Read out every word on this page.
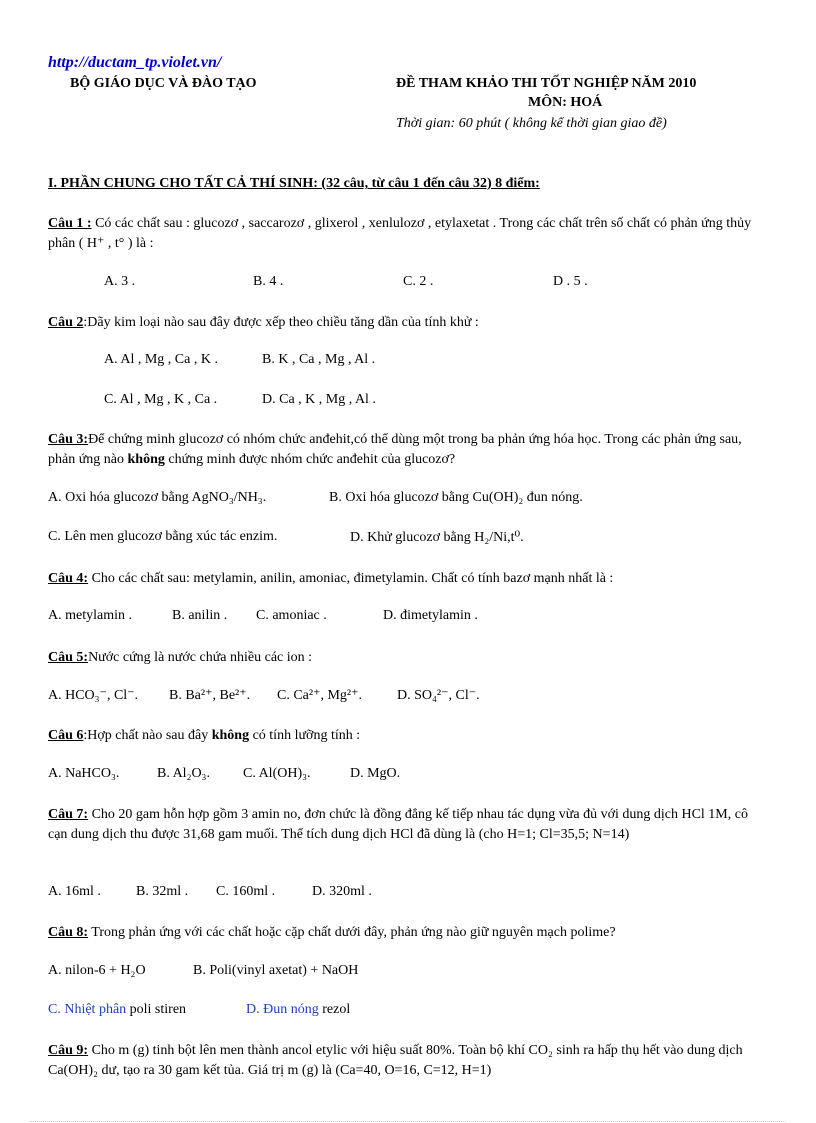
http://ductam_tp.violet.vn/
BỘ GIÁO DỤC VÀ ĐÀO TẠO	ĐỀ THAM KHẢO THI TỐT NGHIỆP NĂM 2010
MÔN: HOÁ
Thời gian: 60 phút ( không kể thời gian giao đề)
I. PHẦN CHUNG CHO TẤT CẢ THÍ SINH: (32 câu, từ câu 1 đến câu 32) 8 điểm:
Câu 1 : Có các chất sau : glucozơ , saccarozơ , glixerol , xenlulozơ , etylaxetat . Trong các chất trên số chất có phản ứng thủy phân ( H⁺ , t° ) là :
A. 3 .	B. 4 .	C. 2 .	D . 5 .
Câu 2:Dãy kim loại nào sau đây được xếp theo chiều tăng dần của tính khử :
A. Al , Mg , Ca , K .	B. K , Ca , Mg , Al .
C. Al , Mg , K , Ca .	D. Ca , K , Mg , Al .
Câu 3:Để chứng minh glucozơ có nhóm chức anđehit,có thể dùng một trong ba phản ứng hóa học. Trong các phản ứng sau, phản ứng nào không chứng minh được nhóm chức anđehit của glucozơ?
A. Oxi hóa glucozơ bằng AgNO₃/NH₃.	B. Oxi hóa glucozơ bằng Cu(OH)₂ đun nóng.
C. Lên men glucozơ bằng xúc tác enzim.	D. Khử glucozơ bằng H₂/Ni,t⁰.
Câu 4: Cho các chất sau: metylamin, anilin, amoniac, đimetylamin. Chất có tính bazơ mạnh nhất là :
A. metylamin .	B. anilin . C. amoniac .	D. đimetylamin .
Câu 5:Nước cứng là nước chứa nhiều các ion :
A. HCO₃⁻, Cl⁻. B. Ba²⁺, Be²⁺. C. Ca²⁺, Mg²⁺. D. SO₄²⁻, Cl⁻.
Câu 6:Hợp chất nào sau đây không có tính lưỡng tính :
A. NaHCO₃.	B. Al₂O₃. C. Al(OH)₃.	D. MgO.
Câu 7: Cho 20 gam hỗn hợp gồm 3 amin no, đơn chức là đồng đẳng kế tiếp nhau tác dụng vừa đủ với dung dịch HCl 1M, cô cạn dung dịch thu được 31,68 gam muối. Thể tích dung dịch HCl đã dùng là (cho H=1; Cl=35,5; N=14)
A. 16ml .	B. 32ml . C. 160ml .	D. 320ml .
Câu 8: Trong phản ứng với các chất hoặc cặp chất dưới đây, phản ứng nào giữ nguyên mạch polime?
A. nilon-6 + H₂O	B. Poli(vinyl axetat) + NaOH
C. Nhiệt phân poli stiren	D. Đun nóng rezol
Câu 9: Cho m (g) tinh bột lên men thành ancol etylic với hiệu suất 80%. Toàn bộ khí CO₂ sinh ra hấp thụ hết vào dung dịch Ca(OH)₂ dư, tạo ra 30 gam kết tủa. Giá trị m (g) là (Ca=40, O=16, C=12, H=1)
